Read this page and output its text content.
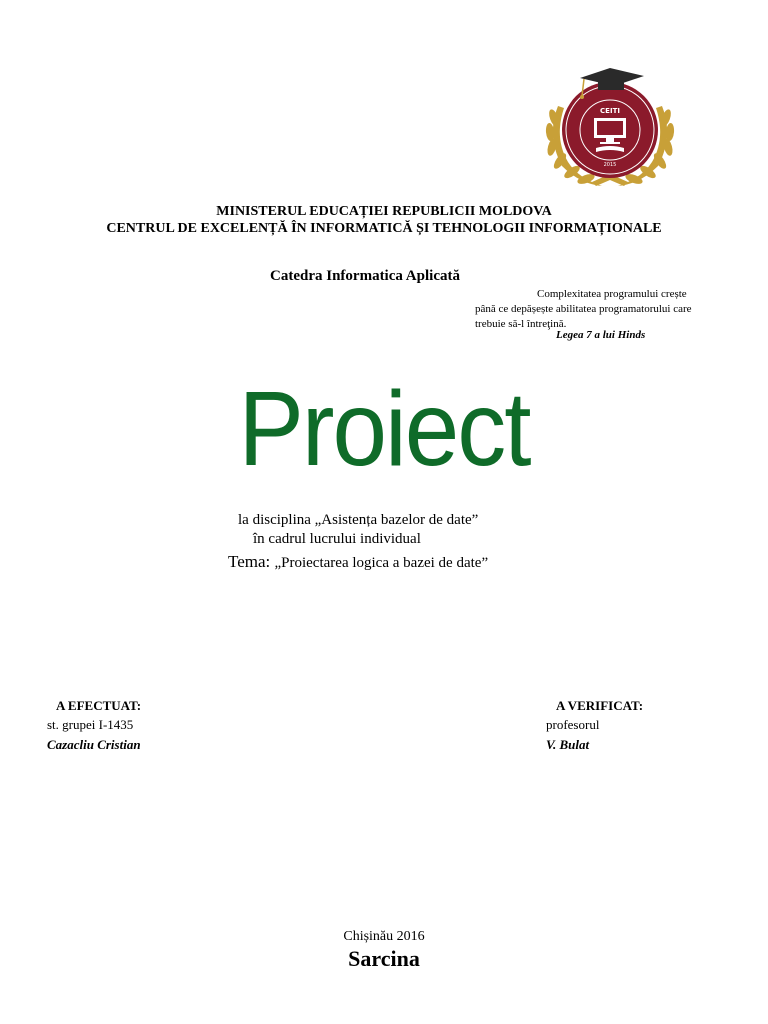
CEITI
2015
MINISTERUL EDUCAȚIEI REPUBLICII MOLDOVA
CENTRUL DE EXCELENȚĂ ÎN INFORMATICĂ ȘI TEHNOLOGII INFORMAȚIONALE
Catedra Informatica Aplicată
Complexitatea programului crește
până ce depășește abilitatea programatorului care
trebuie să-l întreţină.
Legea 7 a lui Hinds
Proiect
la disciplina „Asistența bazelor de date”
în cadrul lucrului individual
Tema: „Proiectarea logica a bazei de date”
A EFECTUAT:
st. grupei I-1435
Cazacliu Cristian
A VERIFICAT:
profesorul
V. Bulat
Chișinău 2016
Sarcina
